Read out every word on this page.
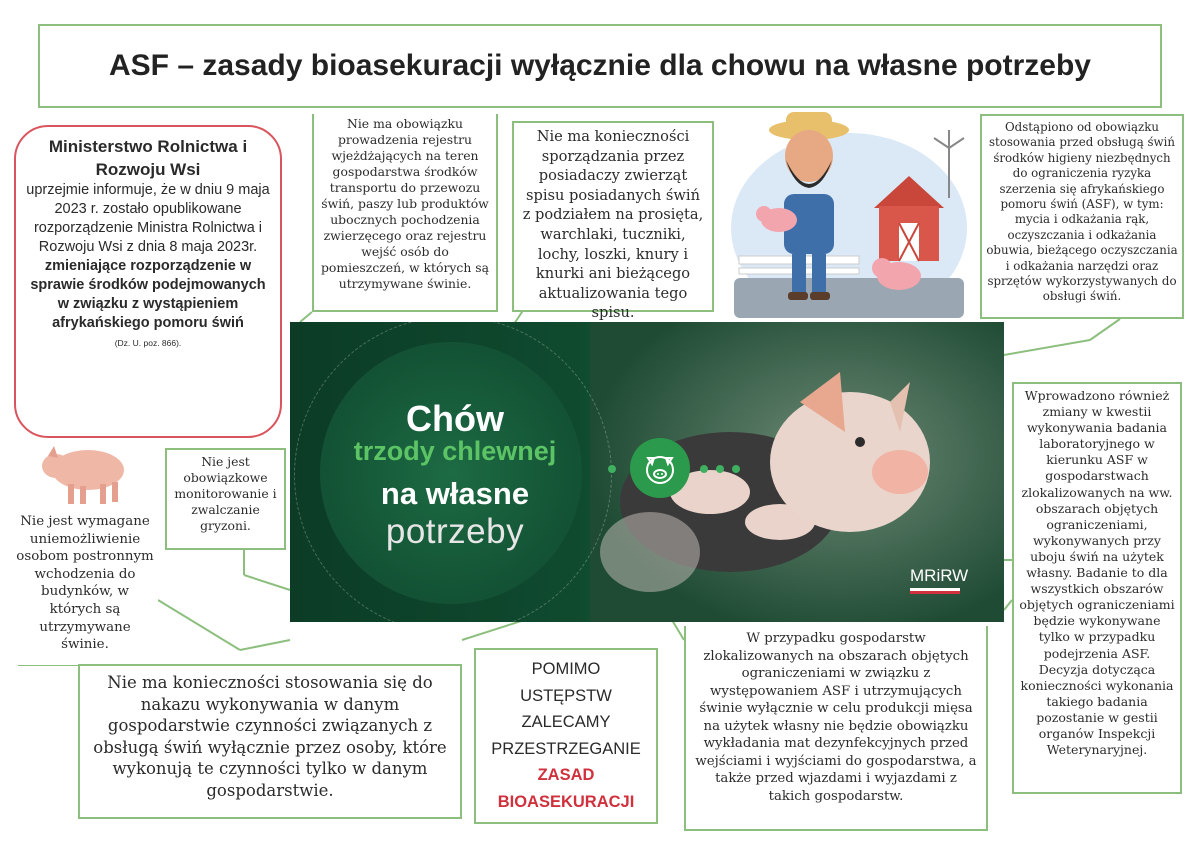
ASF – zasady bioasekuracji wyłącznie dla chowu na własne potrzeby
Ministerstwo Rolnictwa i Rozwoju Wsi
uprzejmie informuje, że w dniu 9 maja 2023 r. zostało opublikowane rozporządzenie Ministra Rolnictwa i Rozwoju Wsi z dnia 8 maja 2023r.
zmieniające rozporządzenie w sprawie środków podejmowanych w związku z wystąpieniem afrykańskiego pomoru świń
(Dz. U. poz. 866).
Nie ma obowiązku prowadzenia rejestru wjeżdżających na teren gospodarstwa środków transportu do przewozu świń, paszy lub produktów ubocznych pochodzenia zwierzęcego oraz rejestru wejść osób do pomieszczeń, w których są utrzymywane świnie.
Nie ma konieczności sporządzania przez posiadaczy zwierząt spisu posiadanych świń z podziałem na prosięta, warchlaki, tuczniki, lochy, loszki, knury i knurki ani bieżącego aktualizowania tego spisu.
Odstąpiono od obowiązku stosowania przed obsługą świń środków higieny niezbędnych do ograniczenia ryzyka szerzenia się afrykańskiego pomoru świń (ASF), w tym: mycia i odkażania rąk, oczyszczania i odkażania obuwia, bieżącego oczyszczania i odkażania narzędzi oraz sprzętów wykorzystywanych do obsługi świń.
Nie jest obowiązkowe monitorowanie i zwalczanie gryzoni.
Nie jest wymagane uniemożliwienie osobom postronnym wchodzenia do budynków, w których są utrzymywane świnie.
Chów
trzody chlewnej
na własne
potrzeby
MRiRW
Nie ma konieczności stosowania się do nakazu wykonywania w danym gospodarstwie czynności związanych z obsługą świń wyłącznie przez osoby, które wykonują te czynności tylko w danym gospodarstwie.
POMIMO
USTĘPSTW
ZALECAMY
PRZESTRZEGANIE
ZASAD
BIOASEKURACJI
W przypadku gospodarstw zlokalizowanych na obszarach objętych ograniczeniami w związku z występowaniem ASF i utrzymujących świnie wyłącznie w celu produkcji mięsa na użytek własny nie będzie obowiązku wykładania mat dezynfekcyjnych przed wejściami i wyjściami do gospodarstwa, a także przed wjazdami i wyjazdami z takich gospodarstw.
Wprowadzono również zmiany w kwestii wykonywania badania laboratoryjnego w kierunku ASF w gospodarstwach zlokalizowanych na ww. obszarach objętych ograniczeniami, wykonywanych przy uboju świń na użytek własny. Badanie to dla wszystkich obszarów objętych ograniczeniami będzie wykonywane tylko w przypadku podejrzenia ASF. Decyzja dotycząca konieczności wykonania takiego badania pozostanie w gestii organów Inspekcji Weterynaryjnej.
